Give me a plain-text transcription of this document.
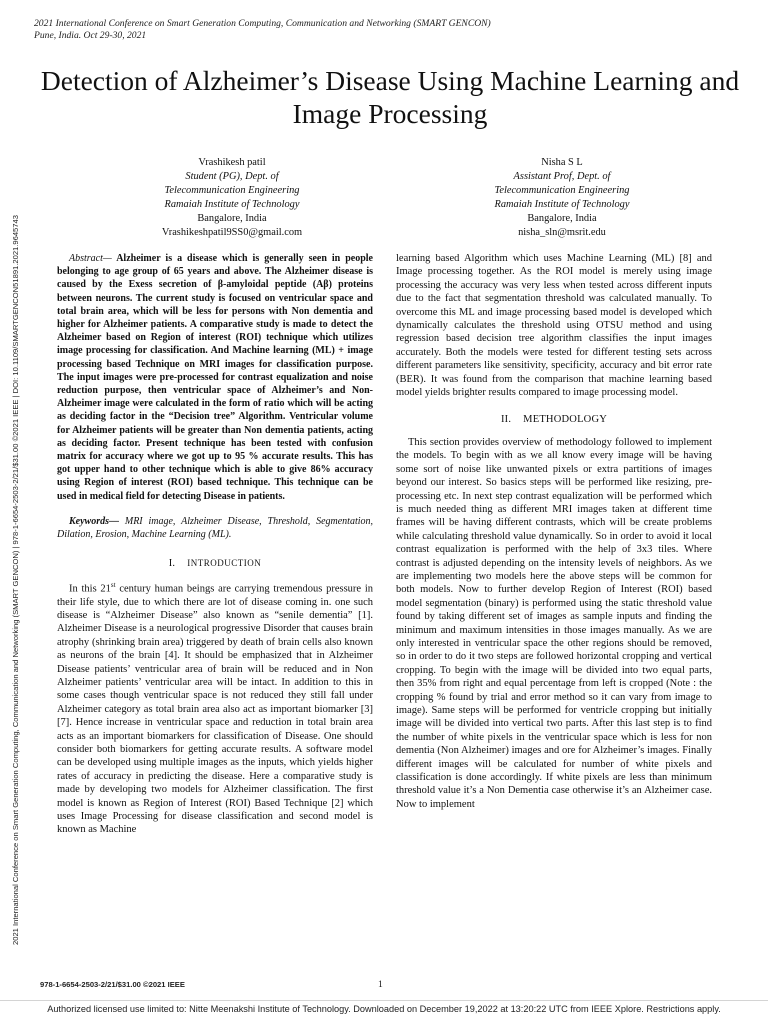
2021 International Conference on Smart Generation Computing, Communication and Networking (SMART GENCON)
Pune, India. Oct 29-30, 2021
2021 International Conference on Smart Generation Computing, Communication and Networking (SMART GENCON) | 978-1-6654-2503-2/21/$31.00 ©2021 IEEE | DOI: 10.1109/SMARTGENCON51891.2021.9645743
Detection of Alzheimer’s Disease Using Machine Learning and Image Processing
Vrashikesh patil
Student (PG), Dept. of
Telecommunication Engineering
Ramaiah Institute of Technology
Bangalore, India
Vrashikeshpatil9SS0@gmail.com
Nisha S L
Assistant Prof, Dept. of
Telecommunication Engineering
Ramaiah Institute of Technology
Bangalore, India
nisha_sln@msrit.edu

Abstract— Alzheimer is a disease which is generally seen in people belonging to age group of 65 years and above. The Alzheimer disease is caused by the Exess secretion of β-amyloidal peptide (Aβ) proteins between neurons. The current study is focused on ventricular space and total brain area, which will be less for persons with Non dementia and higher for Alzheimer patients. A comparative study is made to detect the Alzheimer based on Region of interest (ROI) technique which utilizes image processing for classification. And Machine learning (ML) + image processing based Technique on MRI images for classification purpose. The input images were pre-processed for contrast equalization and noise reduction purpose, then ventricular space of Alzheimer’s and Non-Alzheimer image were calculated in the form of ratio which will be acting as deciding factor in the “Decision tree” Algorithm. Ventricular volume for Alzheimer patients will be greater than Non dementia patients, acting as deciding factor. Present technique has been tested with confusion matrix for accuracy where we got up to 95 % accurate results. This has got upper hand to other technique which is able to give 86% accuracy using Region of interest (ROI) based technique. This technique can be used in medical field for detecting Disease in patients.

Keywords— MRI image, Alzheimer Disease, Threshold, Segmentation, Dilation, Erosion, Machine Learning (ML).

I. INTRODUCTION

In this 21st century human beings are carrying tremendous pressure in their life style, due to which there are lot of disease coming in. one such disease is “Alzheimer Disease” also known as “senile dementia” [1]. Alzheimer Disease is a neurological progressive Disorder that causes brain atrophy (shrinking brain area) triggered by death of brain cells also known as neurons of the brain [4]. It should be emphasized that in Alzheimer Disease patients’ ventricular area of brain will be reduced and in Non Alzheimer patients’ ventricular area will be intact. In addition to this in some cases though ventricular space is not reduced they still fall under Alzheimer category as total brain area also act as important biomarker [3][7]. Hence increase in ventricular space and reduction in total brain area acts as an important biomarkers for classification of Disease. One should consider both biomarkers for getting accurate results. A software model can be developed using multiple images as the inputs, which yields higher rates of accuracy in predicting the disease. Here a comparative study is made by developing two models for Alzheimer classification. The first model is known as Region of Interest (ROI) Based Technique [2] which uses Image Processing for disease classification and second model is known as Machine

learning based Algorithm which uses Machine Learning (ML) [8] and Image processing together. As the ROI model is merely using image processing the accuracy was very less when tested across different inputs due to the fact that segmentation threshold was calculated manually. To overcome this ML and image processing based model is developed which dynamically calculates the threshold using OTSU method and using regression based decision tree algorithm classifies the input images accurately. Both the models were tested for different testing sets across different parameters like sensitivity, specificity, accuracy and bit error rate (BER). It was found from the comparison that machine learning based model yields brighter results compared to image processing model.

II. METHODOLOGY

This section provides overview of methodology followed to implement the models. To begin with as we all know every image will be having some sort of noise like unwanted pixels or extra partitions of images beyond our interest. So basics steps will be performed like resizing, pre-processing etc. In next step contrast equalization will be performed which is much needed thing as different MRI images taken at different time frames will be having different contrasts, which will be create problems while calculating threshold value dynamically. So in order to avoid it local contrast equalization is performed with the help of 3x3 tiles. Where contrast is adjusted depending on the intensity levels of neighbors. As we are implementing two models here the above steps will be common for both models. Now to further develop Region of Interest (ROI) based model segmentation (binary) is performed using the static threshold value found by taking different set of images as sample inputs and finding the minimum and maximum intensities in those images manually. As we are only interested in ventricular space the other regions should be removed, so in order to do it two steps are followed horizontal cropping and vertical cropping. To begin with the image will be divided into two equal parts, then 35% from right and equal percentage from left is cropped (Note : the cropping % found by trial and error method so it can vary from image to image). Same steps will be performed for ventricle cropping but initially image will be divided into vertical two parts. After this last step is to find the number of white pixels in the ventricular space which is less for non dementia (Non Alzheimer) images and ore for Alzheimer’s images. Finally different images will be calculated for number of white pixels and classification is done accordingly. If white pixels are less than minimum threshold value it’s a Non Dementia case otherwise it’s an Alzheimer case. Now to implement

978-1-6654-2503-2/21/$31.00 ©2021 IEEE	1
Authorized licensed use limited to: Nitte Meenakshi Institute of Technology. Downloaded on December 19,2022 at 13:20:22 UTC from IEEE Xplore. Restrictions apply.
